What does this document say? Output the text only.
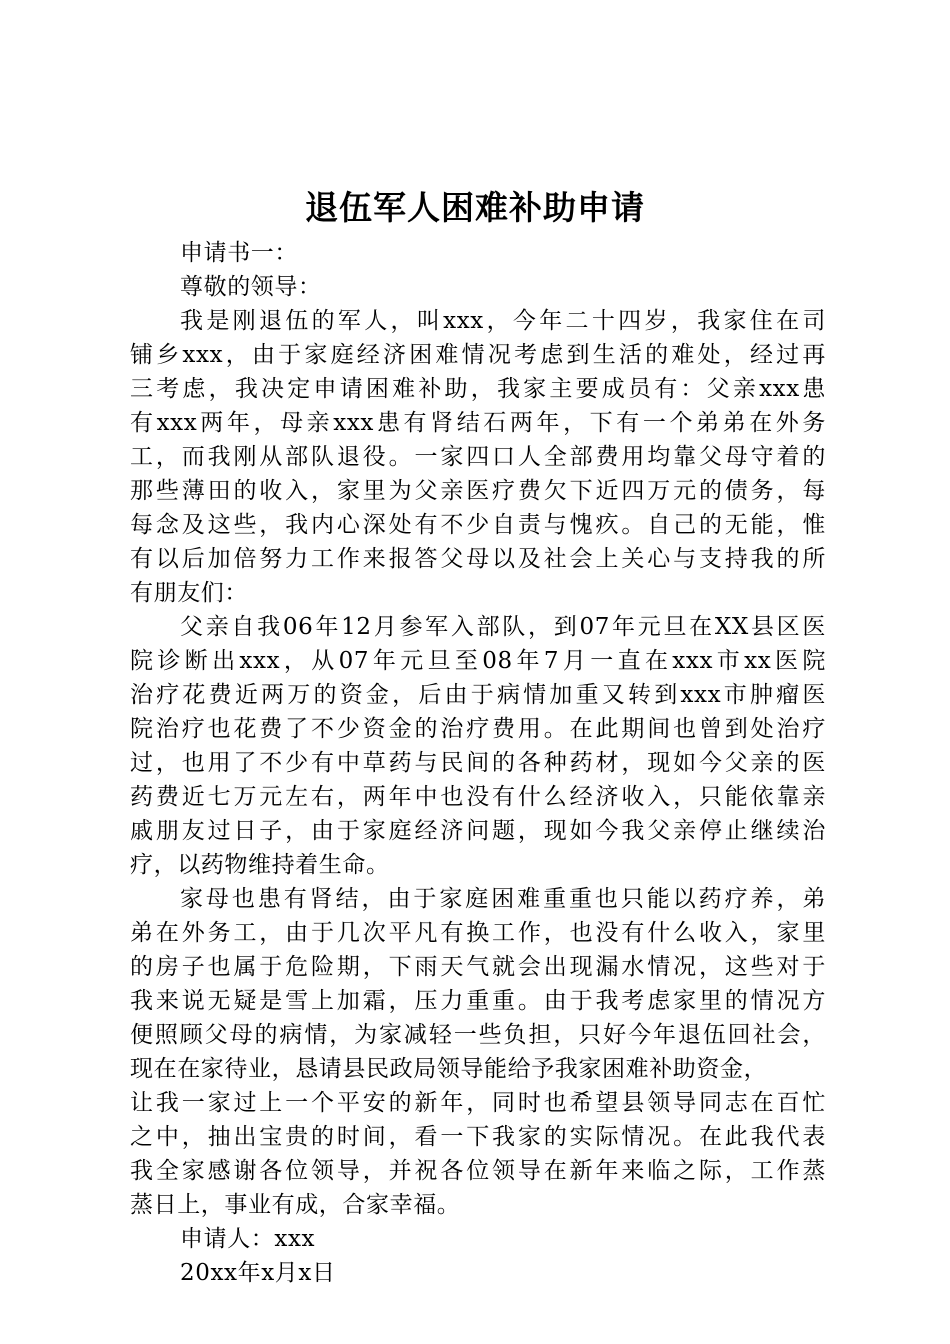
退伍军人困难补助申请
申请书一：
尊敬的领导：
我是刚退伍的军人，叫xxx，今年二十四岁，我家住在司
铺乡xxx，由于家庭经济困难情况考虑到生活的难处，经过再
三考虑，我决定申请困难补助，我家主要成员有：父亲xxx患
有xxx两年，母亲xxx患有肾结石两年，下有一个弟弟在外务
工，而我刚从部队退役。一家四口人全部费用均靠父母守着的
那些薄田的收入，家里为父亲医疗费欠下近四万元的债务，每
每念及这些，我内心深处有不少自责与愧疚。自己的无能，惟
有以后加倍努力工作来报答父母以及社会上关心与支持我的所
有朋友们：
父亲自我06年12月参军入部队，到07年元旦在XX县区医
院诊断出xxx，从07年元旦至08年7月一直在xxx市xx医院
治疗花费近两万的资金，后由于病情加重又转到xxx市肿瘤医
院治疗也花费了不少资金的治疗费用。在此期间也曾到处治疗
过，也用了不少有中草药与民间的各种药材，现如今父亲的医
药费近七万元左右，两年中也没有什么经济收入，只能依靠亲
戚朋友过日子，由于家庭经济问题，现如今我父亲停止继续治
疗，以药物维持着生命。
家母也患有肾结，由于家庭困难重重也只能以药疗养，弟
弟在外务工，由于几次平凡有换工作，也没有什么收入，家里
的房子也属于危险期，下雨天气就会出现漏水情况，这些对于
我来说无疑是雪上加霜，压力重重。由于我考虑家里的情况方
便照顾父母的病情，为家减轻一些负担，只好今年退伍回社会，
现在在家待业，恳请县民政局领导能给予我家困难补助资金，
让我一家过上一个平安的新年，同时也希望县领导同志在百忙
之中，抽出宝贵的时间，看一下我家的实际情况。在此我代表
我全家感谢各位领导，并祝各位领导在新年来临之际，工作蒸
蒸日上，事业有成，合家幸福。
申请人：xxx
20xx年x月x日
